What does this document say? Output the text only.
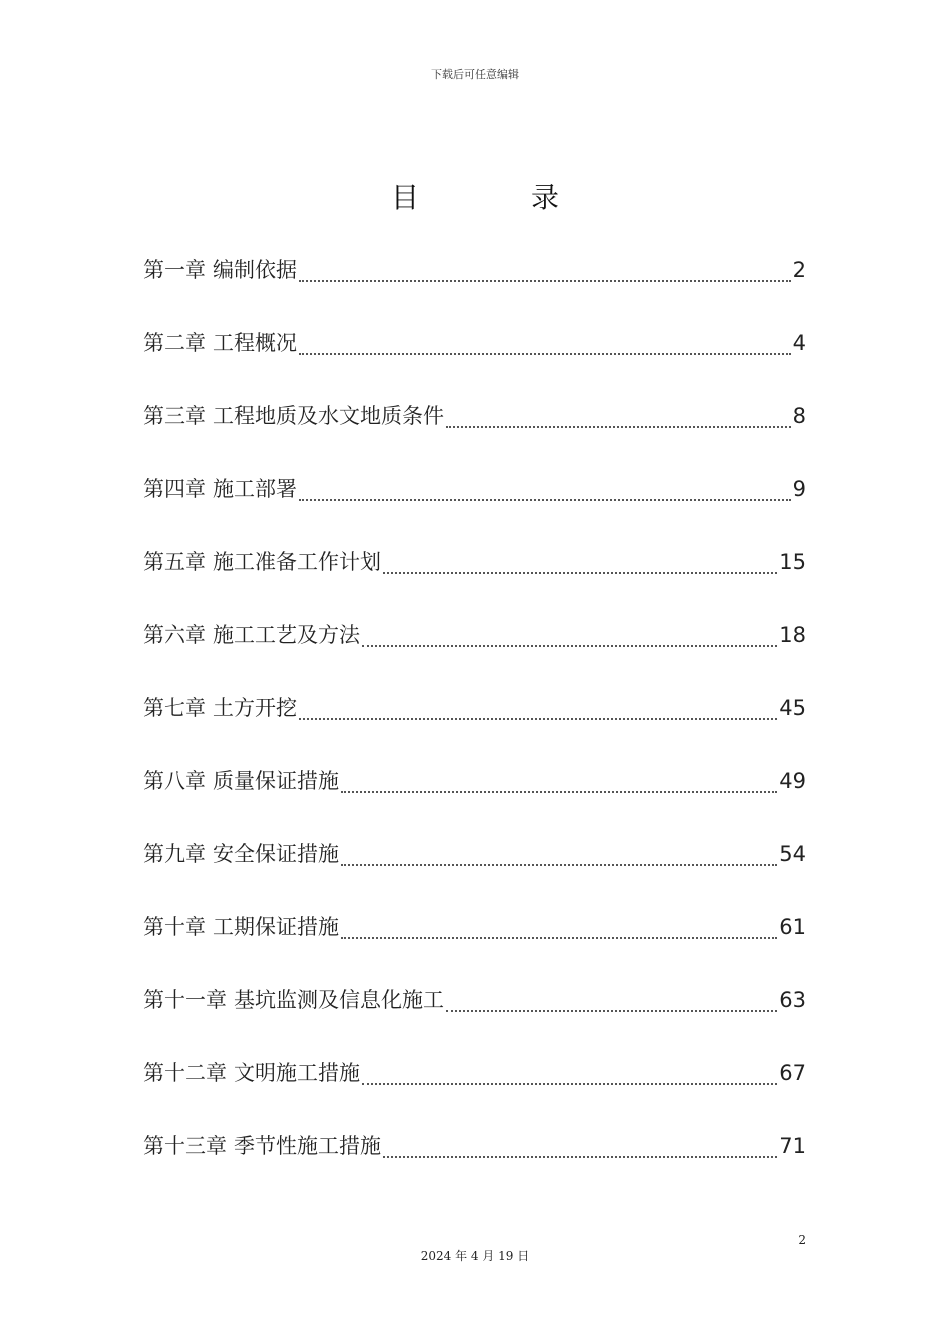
下载后可任意编辑
目	录
第一章 编制依据	2
第二章 工程概况	4
第三章 工程地质及水文地质条件	8
第四章 施工部署	9
第五章 施工准备工作计划	15
第六章 施工工艺及方法	18
第七章 土方开挖	45
第八章 质量保证措施	49
第九章 安全保证措施	54
第十章 工期保证措施	61
第十一章 基坑监测及信息化施工	63
第十二章 文明施工措施	67
第十三章 季节性施工措施	71
2
2024 年 4 月 19 日
